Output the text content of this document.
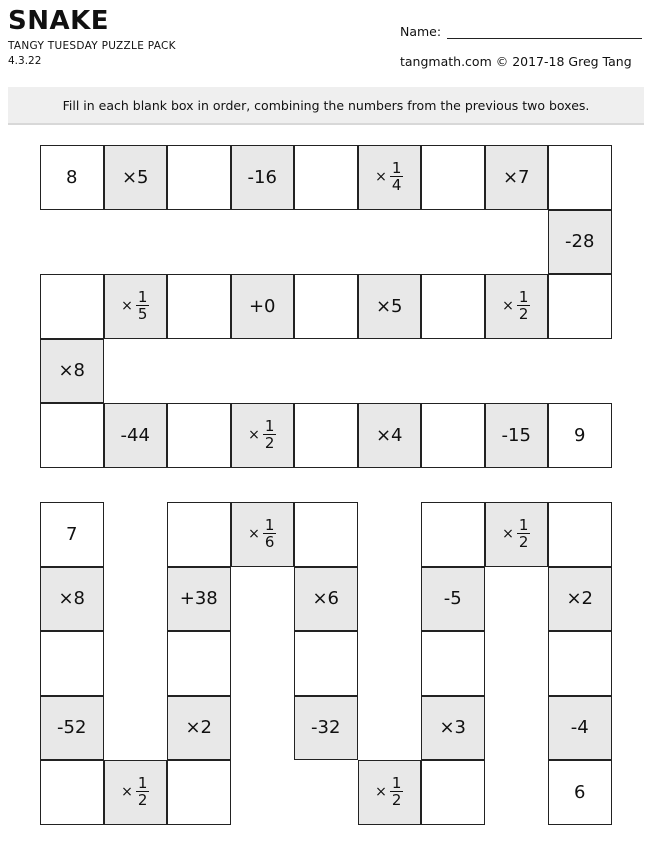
SNAKE
TANGY TUESDAY PUZZLE PACK
4.3.22
Name:
tangmath.com © 2017-18 Greg Tang
Fill in each blank box in order, combining the numbers from the previous two boxes.
8 ×5	-16	× $\frac{1}{4}$	×7
-28
× $\frac{1}{5}$	+0	×5	× $\frac{1}{2}$
×8
-44	× $\frac{1}{2}$	×4	-15 9
7	× $\frac{1}{6}$	× $\frac{1}{2}$
×8	+38	×6	-5	×2
-52	×2	-32	×3	-4
× $\frac{1}{2}$	× $\frac{1}{2}$	6
